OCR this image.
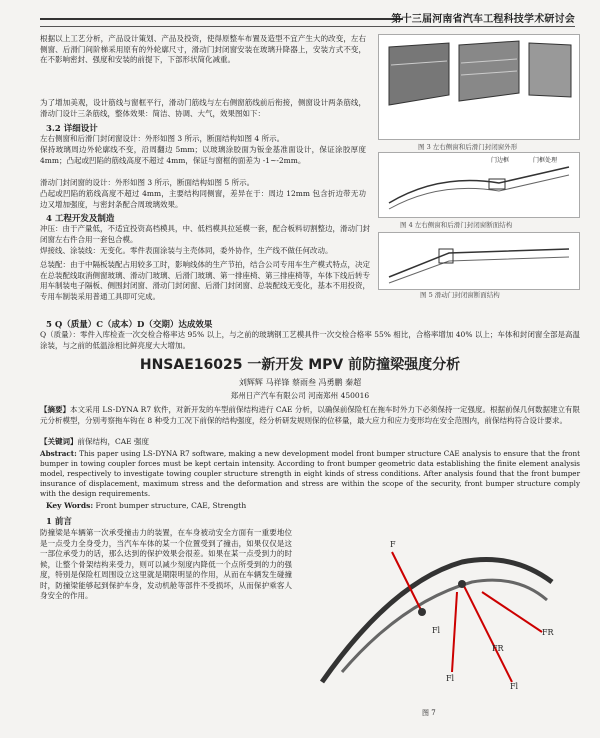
第十三届河南省汽车工程科技学术研讨会

根据以上工艺分析，产品设计策划、产品及投资，使得原整车布置及造型不宜产生大的改变，左右侧窗、后滑门间阶梯采用原有的外轮廓尺寸，滑动门封闭窗安装在玻璃升降器上，安装方式不变，在不影响密封、强度和安装的前提下，下部形状简化减重。

为了增加美观，设计筋线与窗框平行，滑动门筋线与左右侧窗筋线前后衔接，侧窗设计两条筋线，滑动门设计三条筋线，整体效果：简洁、协调、大气，效果图如下：

3.2 详细设计

左右侧窗和后滑门封闭窗设计：外形如图 3 所示，断面结构如图 4 所示。

保持玻璃周边外轮廓线不变，沿周翻边 5mm；以玻璃涂胶面为钣金基准面设计，保证涂胶厚度 4mm；凸起或凹陷的筋线高度不超过 4mm，保证与窗框的面差为 -1~-2mm。

滑动门封闭窗的设计：外形如图 3 所示，断面结构如图 5 所示。

凸起或凹陷的筋线高度不超过 4mm，主要结构同侧窗，差异在于：周边 12mm 包含折边带无功边又增加强度，与密封条配合周玻璃效果。

4 工程开发及制造

冲压：由于产量低，不适宜投资高档模具，中、低档模具拉延模一套，配合板料切割整边，滑动门封闭窗左右件合用一套包合模。

焊接线、涂装线：无变化。零件表面涂装与主壳体同，委外协作，生产线不做任何改动。

图 3 左右侧窗和后滑门封闭窗外形
门边框	门框处理
图 4 左右侧窗和后滑门封闭窗断面结构
图 5 滑动门封闭窗断面结构

总装配：由于中隔板装配占用较多工时，影响线体的生产节拍，结合公司专用车生产模式特点，决定在总装配线取消侧窗玻璃、滑动门玻璃、后滑门玻璃、第一排座椅、第三排座椅等，车体下线后转专用车制装电子隔板、侧围封闭窗、滑动门封闭窗、后滑门封闭窗、总装配线无变化，基本不用投资，专用车制装采用普通工具即可完成。

5 Q（质量）C（成本）D（交期）达成效果

Q（质量）：零件入库检查一次交检合格率达 95% 以上，与之前的玻璃钢工艺模具件一次交检合格率 55% 相比，合格率增加 40% 以上；车体和封闭窗全部是高温涂装，与之前的低温涂相比鲜亮度大大增加。

HNSAE16025 一新开发 MPV 前防撞梁强度分析
刘辉辉 马祥锋 蔡雨叁 冯勇鹏 秦超
郑州日产汽车有限公司 河南郑州 450016

【摘要】本文采用 LS-DYNA R7 软件，对新开发的车型前保结构进行 CAE 分析，以确保前保险杠在拖车时外力下必须保持一定强度。根据前保几何数据建立有限元分析模型，分别考察拖车钩在 8 种受力工况下前保的结构强度，经分析研发规则保的位移量，最大应力和应力变形均在安全范围内，前保结构符合设计要求。

【关键词】前保结构，CAE 强度

Abstract: This paper using LS-DYNA R7 software, making a new development model front bumper structure CAE analysis to ensure that the front bumper in towing coupler forces must be kept certain intensity. According to front bumper geometric data establishing the finite element analysis model, respectively to investigate towing coupler structure strength in eight kinds of stress conditions. After analysis found that the front bumper insurance of displacement, maximum stress and the deformation and stress are within the scope of the security, front bumper structure comply with the design requirements.

Key Words: Front bumper structure, CAE, Strength

1 前言

防撞梁是车辆第一次承受撞击力的装置，在车身被动安全方面有一重要地位是一点受力全身受力，当汽车车体的某一个位置受到了撞击，如果仅仅是这一部位承受力的话，那么达到的保护效果会很差。如果在某一点受到力的时候，让整个骨架结构来受力，则可以减少刻度内降低一个点所受到的力的强度，特别是保险杠周围设立这里就是期限明显的作用，从而在车辆发生碰撞时，防撞梁能够起到保护车身，发动机舱等部件不受损坏，从而保护乘客人身安全的作用。

F
Fl
Fl
Fl
FR
FR
图 7
